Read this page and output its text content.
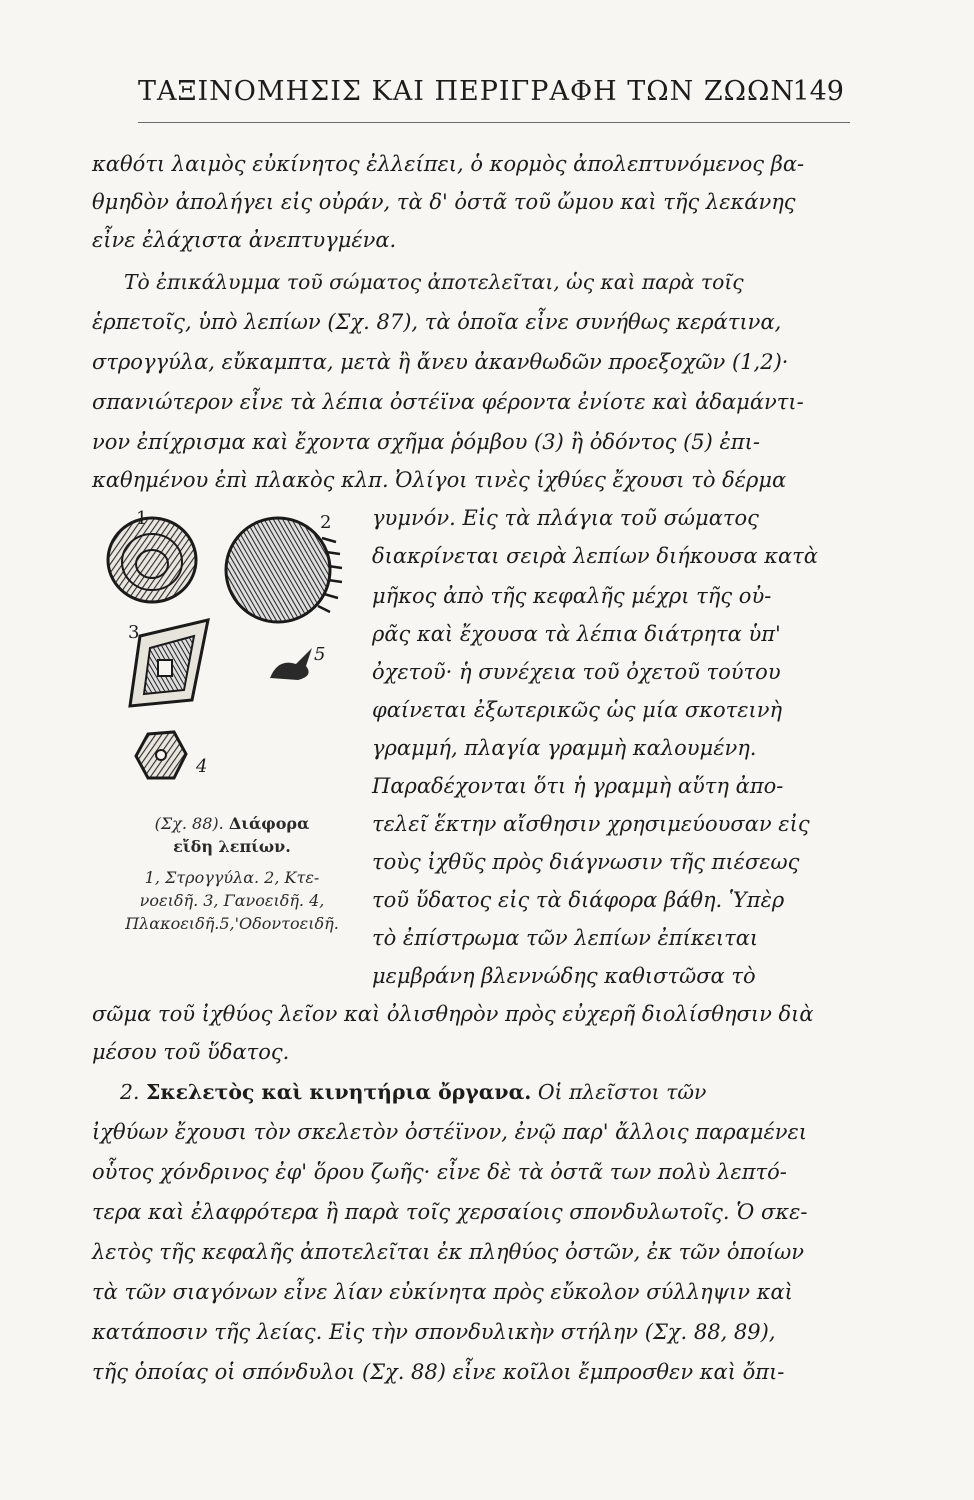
ΤΑΞΙΝΟΜΗΣΙΣ ΚΑΙ ΠΕΡΙΓΡΑΦΗ ΤΩΝ ΖΩΩΝ
149
καθότι λαιμὸς εὐκίνητος ἐλλείπει, ὁ κορμὸς ἀπολεπτυνόμενος βα-
θμηδὸν ἀπολήγει εἰς οὐράν, τὰ δ' ὀστᾶ τοῦ ὤμου καὶ τῆς λεκάνης
εἶνε ἐλάχιστα ἀνεπτυγμένα.
Τὸ ἐπικάλυμμα τοῦ σώματος ἀποτελεῖται, ὡς καὶ παρὰ τοῖς
ἑρπετοῖς, ὑπὸ λεπίων (Σχ. 87), τὰ ὁποῖα εἶνε συνήθως κεράτινα,
στρογγύλα, εὔκαμπτα, μετὰ ἢ ἄνευ ἀκανθωδῶν προεξοχῶν (1,2)·
σπανιώτερον εἶνε τὰ λέπια ὀστέϊνα φέροντα ἐνίοτε καὶ ἀδαμάντι-
νον ἐπίχρισμα καὶ ἔχοντα σχῆμα ῥόμβου (3) ἢ ὀδόντος (5) ἐπι-
καθημένου ἐπὶ πλακὸς κλπ. Ὀλίγοι τινὲς ἰχθύες ἔχουσι τὸ δέρμα
γυμνόν. Εἰς τὰ πλάγια τοῦ σώματος
διακρίνεται σειρὰ λεπίων διήκουσα κατὰ
μῆκος ἀπὸ τῆς κεφαλῆς μέχρι τῆς οὐ-
ρᾶς καὶ ἔχουσα τὰ λέπια διάτρητα ὑπ'
ὀχετοῦ· ἡ συνέχεια τοῦ ὀχετοῦ τούτου
φαίνεται ἐξωτερικῶς ὡς μία σκοτεινὴ
γραμμή, πλαγία γραμμὴ καλουμένη.
Παραδέχονται ὅτι ἡ γραμμὴ αὕτη ἀπο-
τελεῖ ἕκτην αἴσθησιν χρησιμεύουσαν εἰς
τοὺς ἰχθῦς πρὸς διάγνωσιν τῆς πιέσεως
τοῦ ὕδατος εἰς τὰ διάφορα βάθη. Ὑπὲρ
τὸ ἐπίστρωμα τῶν λεπίων ἐπίκειται
μεμβράνη βλεννώδης καθιστῶσα τὸ
1	2
3
4
5
(Σχ. 88). Διάφορα
εἴδη λεπίων.
1, Στρογγύλα. 2, Κτε-
νοειδῆ. 3, Γανοειδῆ. 4,
Πλακοειδῆ.5,'Οδοντοειδῆ.
σῶμα τοῦ ἰχθύος λεῖον καὶ ὀλισθηρὸν πρὸς εὐχερῆ διολίσθησιν διὰ
μέσου τοῦ ὕδατος.
2. Σκελετὸς καὶ κινητήρια ὄργανα. Οἱ πλεῖστοι τῶν
ἰχθύων ἔχουσι τὸν σκελετὸν ὀστέϊνον, ἐνῷ παρ' ἄλλοις παραμένει
οὗτος χόνδρινος ἐφ' ὅρου ζωῆς· εἶνε δὲ τὰ ὀστᾶ των πολὺ λεπτό-
τερα καὶ ἐλαφρότερα ἢ παρὰ τοῖς χερσαίοις σπονδυλωτοῖς. Ὁ σκε-
λετὸς τῆς κεφαλῆς ἀποτελεῖται ἐκ πληθύος ὀστῶν, ἐκ τῶν ὁποίων
τὰ τῶν σιαγόνων εἶνε λίαν εὐκίνητα πρὸς εὔκολον σύλληψιν καὶ
κατάποσιν τῆς λείας. Εἰς τὴν σπονδυλικὴν στήλην (Σχ. 88, 89),
τῆς ὁποίας οἱ σπόνδυλοι (Σχ. 88) εἶνε κοῖλοι ἔμπροσθεν καὶ ὄπι-
